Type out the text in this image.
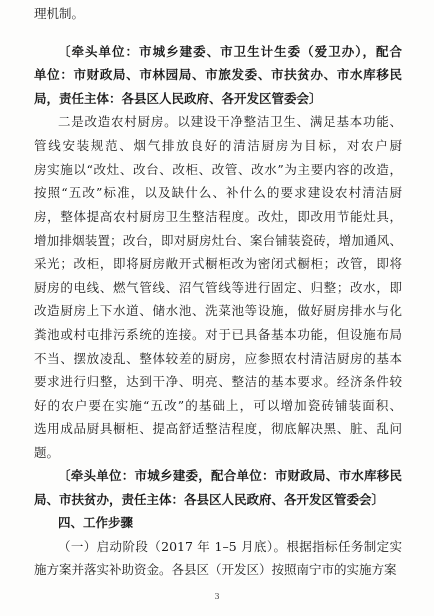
理机制。
〔牵头单位：市城乡建委、市卫生计生委（爱卫办），配合
单位：市财政局、市林园局、市旅发委、市扶贫办、市水库移民
局，责任主体：各县区人民政府、各开发区管委会〕
二是改造农村厨房。以建设干净整洁卫生、满足基本功能、
管线安装规范、烟气排放良好的清洁厨房为目标，对农户厨
房实施以“改灶、改台、改柜、改管、改水”为主要内容的改造，
按照“五改”标准，以及缺什么、补什么的要求建设农村清洁厨
房，整体提高农村厨房卫生整洁程度。改灶，即改用节能灶具，
增加排烟装置；改台，即对厨房灶台、案台铺装瓷砖，增加通风、
采光；改柜，即将厨房敞开式橱柜改为密闭式橱柜；改管，即将
厨房的电线、燃气管线、沼气管线等进行固定、归整；改水，即
改造厨房上下水道、储水池、洗菜池等设施，做好厨房排水与化
粪池或村屯排污系统的连接。对于已具备基本功能，但设施布局
不当、摆放凌乱、整体较差的厨房，应参照农村清洁厨房的基本
要求进行归整，达到干净、明亮、整洁的基本要求。经济条件较
好的农户要在实施“五改”的基础上，可以增加瓷砖铺装面积、
选用成品厨具橱柜、提高舒适整洁程度，彻底解决黑、脏、乱问
题。
〔牵头单位：市城乡建委，配合单位：市财政局、市水库移民
局、市扶贫办，责任主体：各县区人民政府、各开发区管委会〕
四、工作步骤
（一）启动阶段（2017 年 1–5 月底）。根据指标任务制定实
施方案并落实补助资金。各县区（开发区）按照南宁市的实施方案
3
